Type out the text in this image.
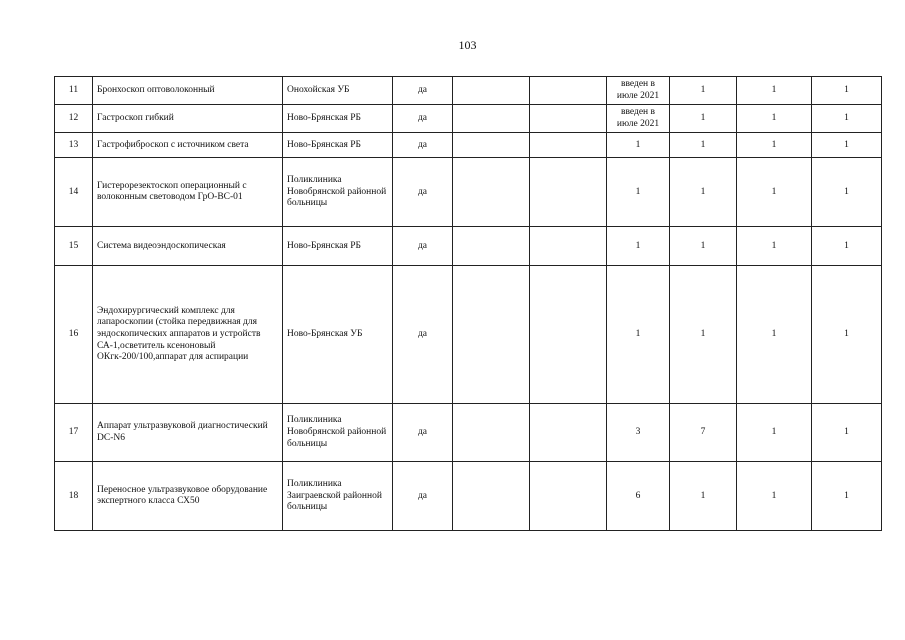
103
11	Бронхоскоп оптоволоконный	Онохойская УБ	да			введен в июле 2021	1	1	1
12	Гастроскоп гибкий	Ново-Брянская РБ	да			введен в июле 2021	1	1	1
13	Гастрофиброскоп с источником света	Ново-Брянская РБ	да			1	1	1	1
14	Гистерорезектоскоп операционный с волоконным световодом ГрО-ВС-01	Поликлиника Новобрянской районной больницы	да			1	1	1	1
15	Система видеоэндоскопическая	Ново-Брянская РБ	да			1	1	1	1
16	Эндохирургический комплекс для лапароскопии (стойка передвижная для эндоскопических аппаратов и устройств СА-1,осветитель ксеноновый ОКгк-200/100,аппарат для аспирации	Ново-Брянская УБ	да			1	1	1	1
17	Аппарат ультразвуковой диагностический DC-N6	Поликлиника Новобрянской районной больницы	да			3	7	1	1
18	Переносное ультразвуковое оборудование экспертного класса СХ50	Поликлиника Заиграевской районной больницы	да			6	1	1	1
